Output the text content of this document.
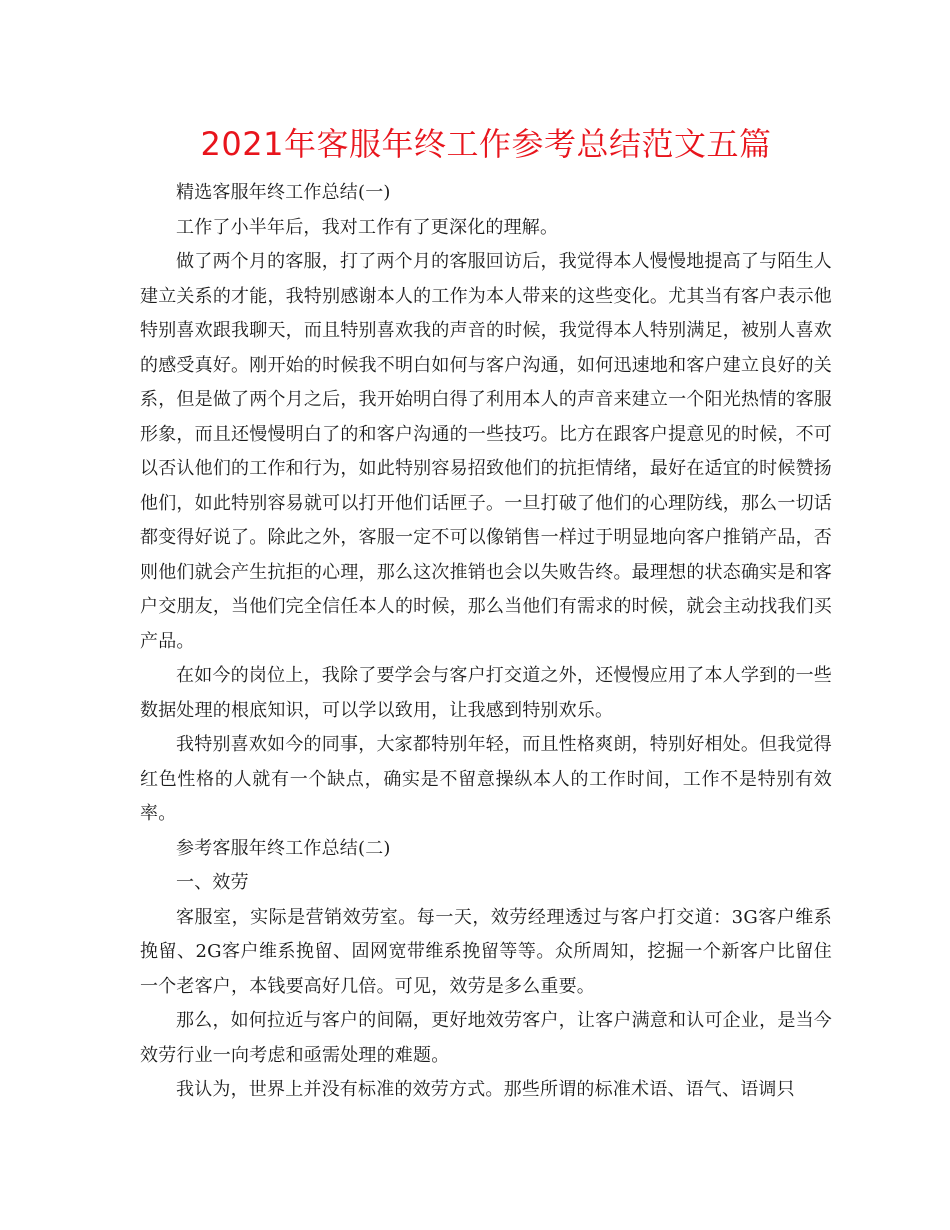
2021年客服年终工作参考总结范文五篇

精选客服年终工作总结(一)

工作了小半年后，我对工作有了更深化的理解。

做了两个月的客服，打了两个月的客服回访后，我觉得本人慢慢地提高了与陌生人建立关系的才能，我特别感谢本人的工作为本人带来的这些变化。尤其当有客户表示他特别喜欢跟我聊天，而且特别喜欢我的声音的时候，我觉得本人特别满足，被别人喜欢的感受真好。刚开始的时候我不明白如何与客户沟通，如何迅速地和客户建立良好的关系，但是做了两个月之后，我开始明白得了利用本人的声音来建立一个阳光热情的客服形象，而且还慢慢明白了的和客户沟通的一些技巧。比方在跟客户提意见的时候，不可以否认他们的工作和行为，如此特别容易招致他们的抗拒情绪，最好在适宜的时候赞扬他们，如此特别容易就可以打开他们话匣子。一旦打破了他们的心理防线，那么一切话都变得好说了。除此之外，客服一定不可以像销售一样过于明显地向客户推销产品，否则他们就会产生抗拒的心理，那么这次推销也会以失败告终。最理想的状态确实是和客户交朋友，当他们完全信任本人的时候，那么当他们有需求的时候，就会主动找我们买产品。

在如今的岗位上，我除了要学会与客户打交道之外，还慢慢应用了本人学到的一些数据处理的根底知识，可以学以致用，让我感到特别欢乐。

我特别喜欢如今的同事，大家都特别年轻，而且性格爽朗，特别好相处。但我觉得红色性格的人就有一个缺点，确实是不留意操纵本人的工作时间，工作不是特别有效率。

参考客服年终工作总结(二)

一、效劳

客服室，实际是营销效劳室。每一天，效劳经理透过与客户打交道：3G客户维系挽留、2G客户维系挽留、固网宽带维系挽留等等。众所周知，挖掘一个新客户比留住一个老客户，本钱要高好几倍。可见，效劳是多么重要。

那么，如何拉近与客户的间隔，更好地效劳客户，让客户满意和认可企业，是当今效劳行业一向考虑和亟需处理的难题。

我认为，世界上并没有标准的效劳方式。那些所谓的标准术语、语气、语调只
